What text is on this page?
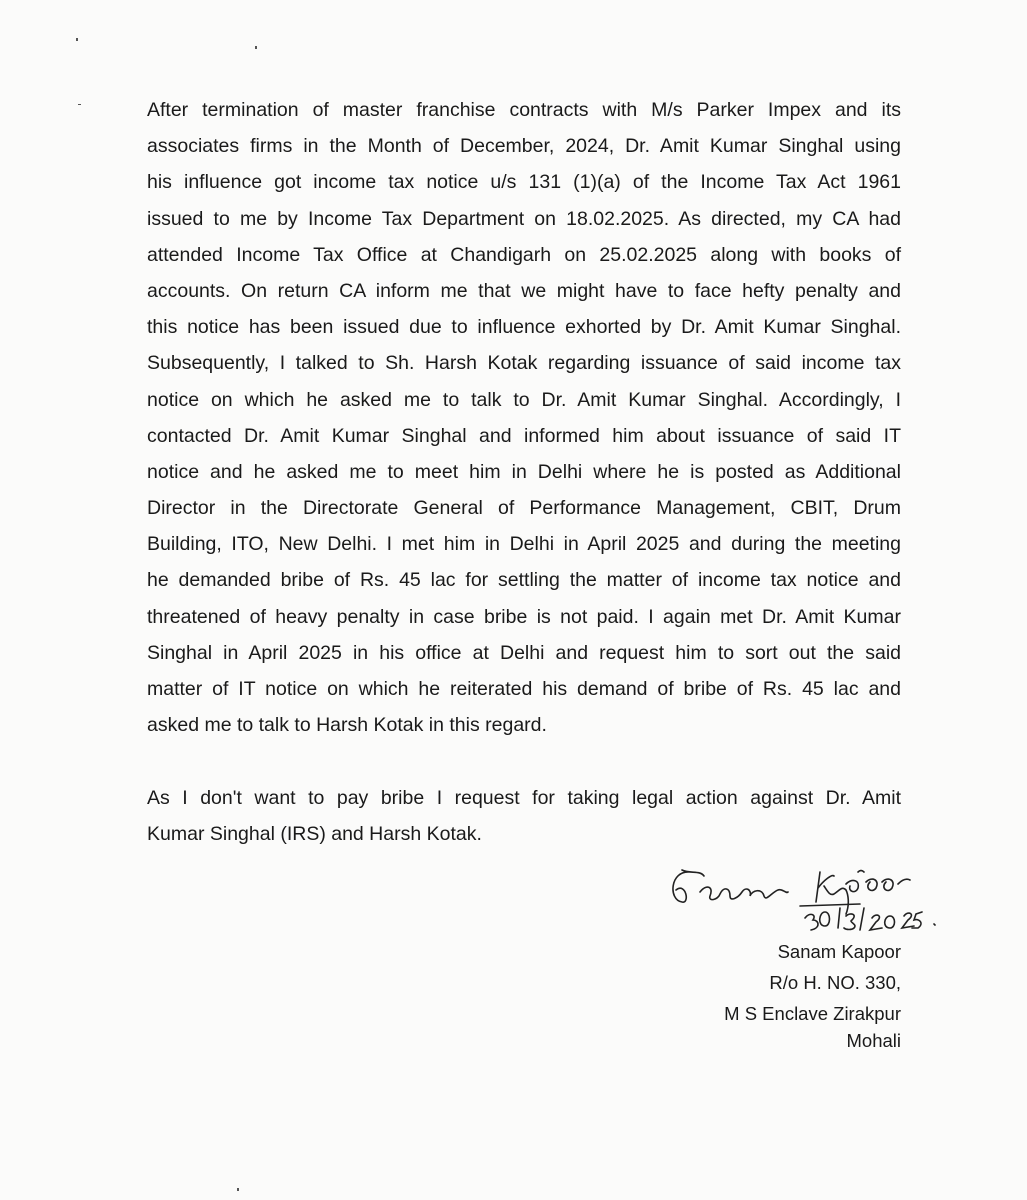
After termination of master franchise contracts with M/s Parker Impex and its
associates firms in the Month of December, 2024, Dr. Amit Kumar Singhal using
his influence got income tax notice u/s 131 (1)(a) of the Income Tax Act 1961
issued to me by Income Tax Department on 18.02.2025. As directed, my CA had
attended Income Tax Office at Chandigarh on 25.02.2025 along with books of
accounts. On return CA inform me that we might have to face hefty penalty and
this notice has been issued due to influence exhorted by Dr. Amit Kumar Singhal.
Subsequently, I talked to Sh. Harsh Kotak regarding issuance of said income tax
notice on which he asked me to talk to Dr. Amit Kumar Singhal. Accordingly, I
contacted Dr. Amit Kumar Singhal and informed him about issuance of said IT
notice and he asked me to meet him in Delhi where he is posted as Additional
Director in the Directorate General of Performance Management, CBIT, Drum
Building, ITO, New Delhi. I met him in Delhi in April 2025 and during the meeting
he demanded bribe of Rs. 45 lac for settling the matter of income tax notice and
threatened of heavy penalty in case bribe is not paid. I again met Dr. Amit Kumar
Singhal in April 2025 in his office at Delhi and request him to sort out the said
matter of IT notice on which he reiterated his demand of bribe of Rs. 45 lac and
asked me to talk to Harsh Kotak in this regard.
As I don't want to pay bribe I request for taking legal action against Dr. Amit
Kumar Singhal (IRS) and Harsh Kotak.
Sanam Kapoor
R/o H. NO. 330,
M S Enclave Zirakpur
Mohali
